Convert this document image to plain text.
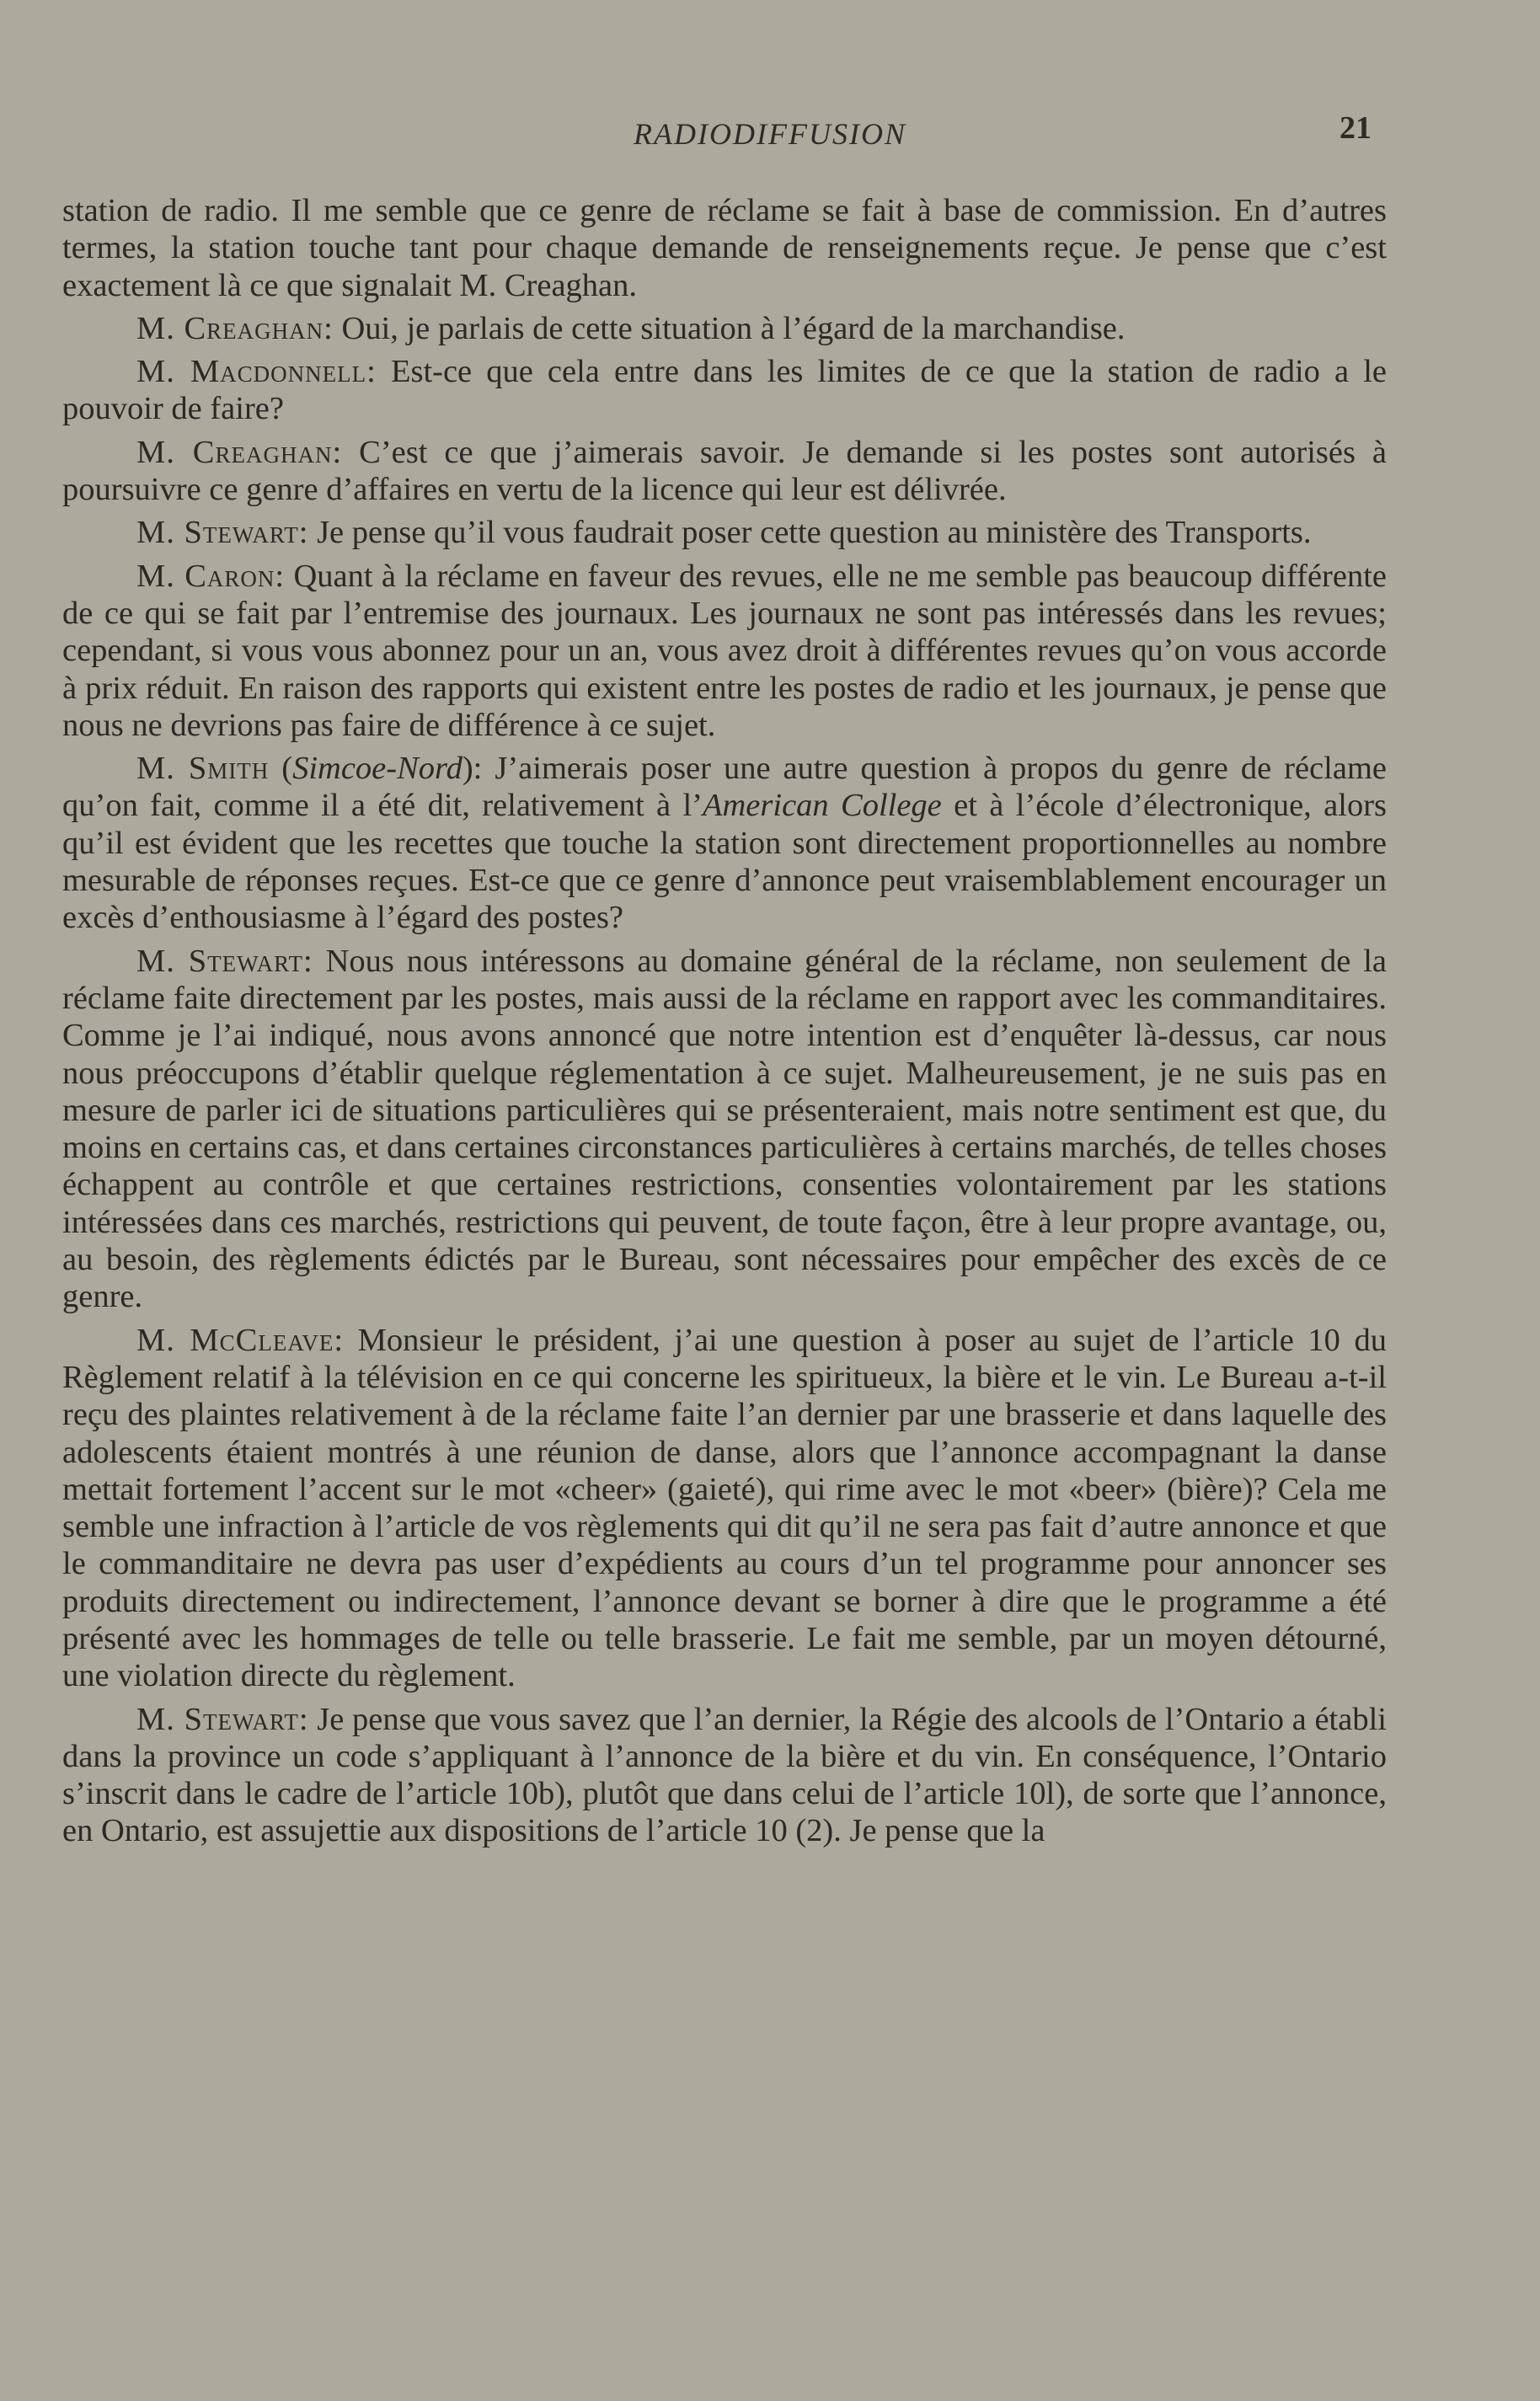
RADIODIFFUSION	21

station de radio. Il me semble que ce genre de réclame se fait à base de commission. En d’autres termes, la station touche tant pour chaque demande de renseignements reçue. Je pense que c’est exactement là ce que signalait M. Creaghan.

M. Creaghan: Oui, je parlais de cette situation à l’égard de la marchandise.

M. Macdonnell: Est-ce que cela entre dans les limites de ce que la station de radio a le pouvoir de faire?

M. Creaghan: C’est ce que j’aimerais savoir. Je demande si les postes sont autorisés à poursuivre ce genre d’affaires en vertu de la licence qui leur est délivrée.

M. Stewart: Je pense qu’il vous faudrait poser cette question au ministère des Transports.

M. Caron: Quant à la réclame en faveur des revues, elle ne me semble pas beaucoup différente de ce qui se fait par l’entremise des journaux. Les journaux ne sont pas intéressés dans les revues; cependant, si vous vous abonnez pour un an, vous avez droit à différentes revues qu’on vous accorde à prix réduit. En raison des rapports qui existent entre les postes de radio et les journaux, je pense que nous ne devrions pas faire de différence à ce sujet.

M. Smith (Simcoe-Nord): J’aimerais poser une autre question à propos du genre de réclame qu’on fait, comme il a été dit, relativement à l’American College et à l’école d’électronique, alors qu’il est évident que les recettes que touche la station sont directement proportionnelles au nombre mesurable de réponses reçues. Est-ce que ce genre d’annonce peut vraisemblablement encourager un excès d’enthousiasme à l’égard des postes?

M. Stewart: Nous nous intéressons au domaine général de la réclame, non seulement de la réclame faite directement par les postes, mais aussi de la réclame en rapport avec les commanditaires. Comme je l’ai indiqué, nous avons annoncé que notre intention est d’enquêter là-dessus, car nous nous préoccupons d’établir quelque réglementation à ce sujet. Malheureusement, je ne suis pas en mesure de parler ici de situations particulières qui se présenteraient, mais notre sentiment est que, du moins en certains cas, et dans certaines circonstances particulières à certains marchés, de telles choses échappent au contrôle et que certaines restrictions, consenties volontairement par les stations intéressées dans ces marchés, restrictions qui peuvent, de toute façon, être à leur propre avantage, ou, au besoin, des règlements édictés par le Bureau, sont nécessaires pour empêcher des excès de ce genre.

M. McCleave: Monsieur le président, j’ai une question à poser au sujet de l’article 10 du Règlement relatif à la télévision en ce qui concerne les spiritueux, la bière et le vin. Le Bureau a-t-il reçu des plaintes relativement à de la réclame faite l’an dernier par une brasserie et dans laquelle des adolescents étaient montrés à une réunion de danse, alors que l’annonce accompagnant la danse mettait fortement l’accent sur le mot «cheer» (gaieté), qui rime avec le mot «beer» (bière)? Cela me semble une infraction à l’article de vos règlements qui dit qu’il ne sera pas fait d’autre annonce et que le commanditaire ne devra pas user d’expédients au cours d’un tel programme pour annoncer ses produits directement ou indirectement, l’annonce devant se borner à dire que le programme a été présenté avec les hommages de telle ou telle brasserie. Le fait me semble, par un moyen détourné, une violation directe du règlement.

M. Stewart: Je pense que vous savez que l’an dernier, la Régie des alcools de l’Ontario a établi dans la province un code s’appliquant à l’annonce de la bière et du vin. En conséquence, l’Ontario s’inscrit dans le cadre de l’article 10b), plutôt que dans celui de l’article 10l), de sorte que l’annonce, en Ontario, est assujettie aux dispositions de l’article 10 (2). Je pense que la
